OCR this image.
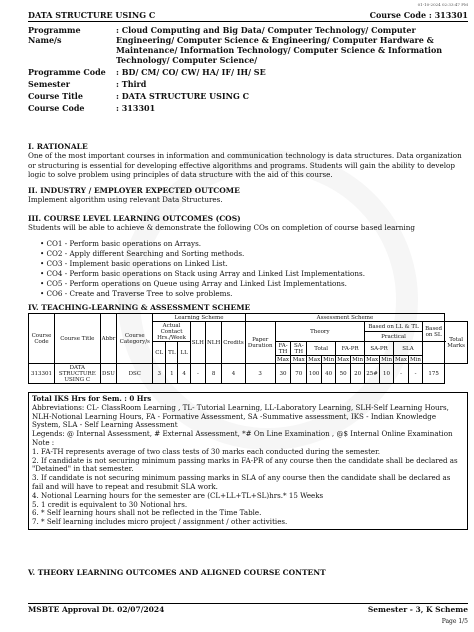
01-10-2024 02:33:47 PM
DATA STRUCTURE USING C	Course Code : 313301
Programme Name/s
: Cloud Computing and Big Data/ Computer Technology/ Computer Engineering/ Computer Science & Engineering/ Computer Hardware & Maintenance/ Information Technology/ Computer Science & Information Technology/ Computer Science/
Programme Code	: BD/ CM/ CO/ CW/ HA/ IF/ IH/ SE
Semester	: Third
Course Title	: DATA STRUCTURE USING C
Course Code	: 313301
I. RATIONALE
One of the most important courses in information and communication technology is data structures. Data organization or structuring is essential for developing effective algorithms and programs. Students will gain the ability to develop logic to solve problem using principles of data structure with the aid of this course.
II. INDUSTRY / EMPLOYER EXPECTED OUTCOME
Implement algorithm using relevant Data Structures.
III. COURSE LEVEL LEARNING OUTCOMES (COS)
Students will be able to achieve & demonstrate the following COs on completion of course based learning
• CO1 - Perform basic operations on Arrays.
• CO2 - Apply different Searching and Sorting methods.
• CO3 - Implement basic operations on Linked List.
• CO4 - Perform basic operations on Stack using Array and Linked List Implementations.
• CO5 - Perform operations on Queue using Array and Linked List Implementations.
• CO6 - Create and Traverse Tree to solve problems.
IV. TEACHING-LEARNING & ASSESSMENT SCHEME
Course Code	Course Title	Abbr	Course Category/s	Learning Scheme						Assessment Scheme												
				Actual Contact Hrs./Week			SLH	NLH	Credits	Paper Duration	Theory						Based on LL & TL				Based on SL	Total Marks
																	Practical					
				CL	TL	LL					FA-TH	SA-TH	Total		FA-PR		SA-PR		SLA			
											Max	Max	Max	Min	Max	Min	Max	Min	Max	Min		
313301	DATA STRUCTURE USING C	DSU	DSC	3	1	4	-	8	4	3	30	70	100	40	50	20	25#	10	-	-	175	
Total IKS Hrs for Sem. : 0 Hrs
Abbreviations: CL- ClassRoom Learning , TL- Tutorial Learning, LL-Laboratory Learning, SLH-Self Learning Hours, NLH-Notional Learning Hours, FA - Formative Assessment, SA -Summative assessment, IKS - Indian Knowledge System, SLA - Self Learning Assessment
Legends: @ Internal Assessment, # External Assessment, *# On Line Examination , @$ Internal Online Examination
Note :
1. FA-TH represents average of two class tests of 30 marks each conducted during the semester.
2. If candidate is not securing minimum passing marks in FA-PR of any course then the candidate shall be declared as "Detained" in that semester.
3. If candidate is not securing minimum passing marks in SLA of any course then the candidate shall be declared as fail and will have to repeat and resubmit SLA work.
4. Notional Learning hours for the semester are (CL+LL+TL+SL)hrs.* 15 Weeks
5. 1 credit is equivalent to 30 Notional hrs.
6. * Self learning hours shall not be reflected in the Time Table.
7. * Self learning includes micro project / assignment / other activities.
V. THEORY LEARNING OUTCOMES AND ALIGNED COURSE CONTENT
MSBTE Approval Dt. 02/07/2024	Semester - 3, K Scheme
Page 1/5
